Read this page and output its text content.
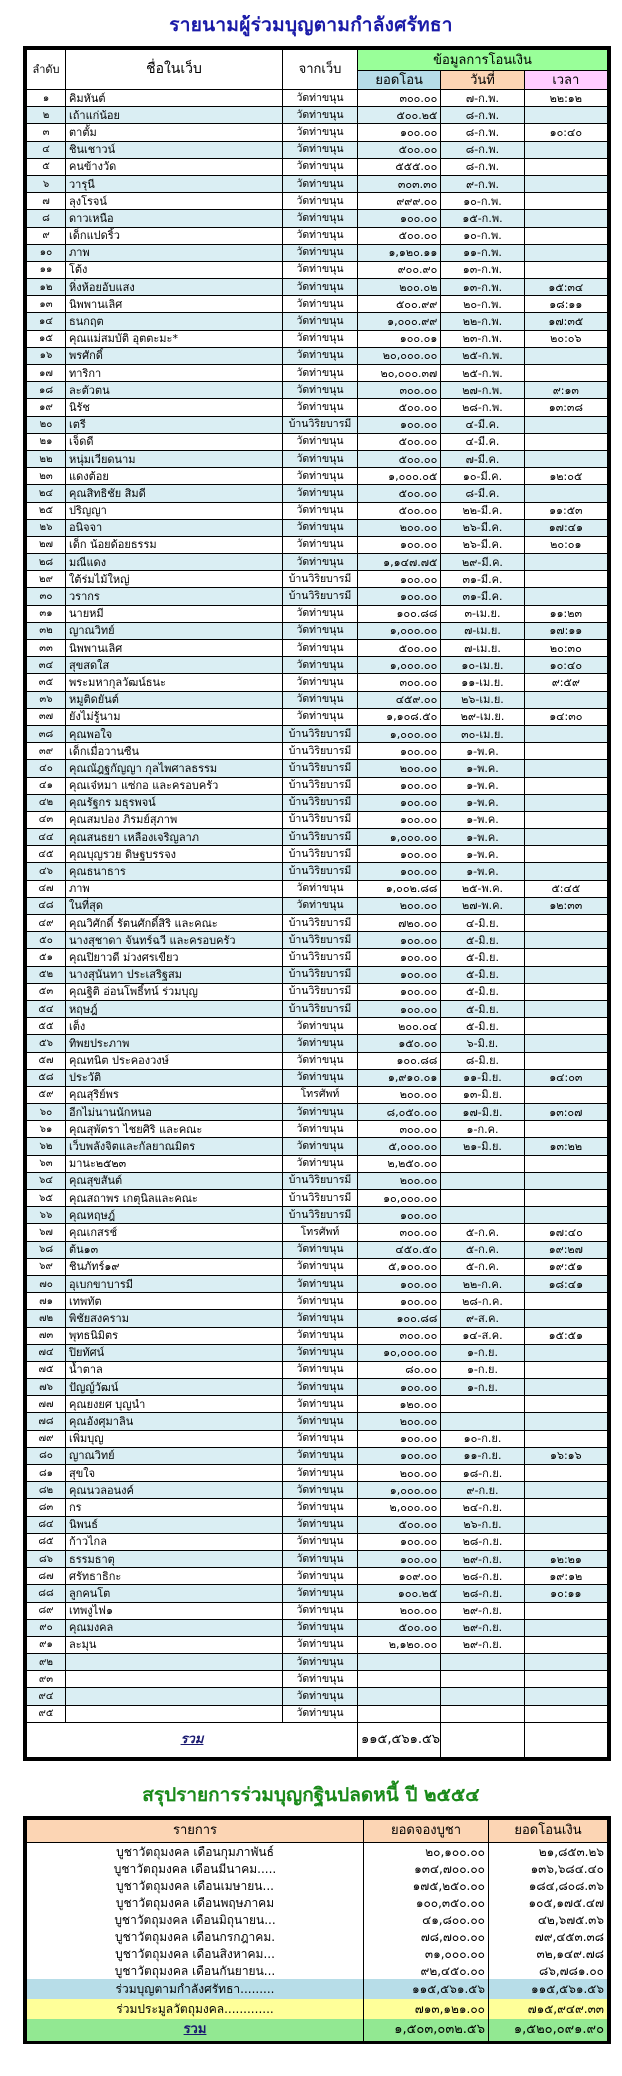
รายนามผู้ร่วมบุญตามกำลังศรัทธา
ลำดับ	ชื่อในเว็บ	จากเว็บ	ข้อมูลการโอนเงิน		
			ยอดโอน	วันที่	เวลา
๑	คิมหันต์	วัดท่าขนุน	๓๐๐.๐๐	๗-ก.พ.	๒๒:๑๒
๒	เถ้าแก่น้อย	วัดท่าขนุน	๕๐๐.๒๕	๘-ก.พ.	
๓	ตาตั้ม	วัดท่าขนุน	๑๐๐.๐๐	๘-ก.พ.	๑๐:๔๐
๔	ชินเชาวน์	วัดท่าขนุน	๕๐๐.๐๐	๘-ก.พ.	
๕	คนข้างวัด	วัดท่าขนุน	๕๕๕.๐๐	๘-ก.พ.	
๖	วารุนี	วัดท่าขนุน	๓๐๓.๓๐	๙-ก.พ.	
๗	ลุงโรจน์	วัดท่าขนุน	๙๙๙.๐๐	๑๐-ก.พ.	
๘	ดาวเหนือ	วัดท่าขนุน	๑๐๐.๐๐	๑๕-ก.พ.	
๙	เด็กแปดริ้ว	วัดท่าขนุน	๕๐๐.๐๐	๑๐-ก.พ.	
๑๐	ภาพ	วัดท่าขนุน	๑,๑๒๐.๑๑	๑๑-ก.พ.	
๑๑	โต้ง	วัดท่าขนุน	๙๐๐.๙๐	๑๓-ก.พ.	
๑๒	หิ่งห้อยอับแสง	วัดท่าขนุน	๒๐๐.๐๒	๑๓-ก.พ.	๑๕:๓๔
๑๓	นิพพานเลิศ	วัดท่าขนุน	๕๐๐.๙๙	๒๐-ก.พ.	๑๘:๑๑
๑๔	ธนกฤต	วัดท่าขนุน	๑,๐๐๐.๙๙	๒๒-ก.พ.	๑๗:๓๕
๑๕	คุณแม่สมบัติ อุตตะมะ*	วัดท่าขนุน	๑๐๐.๐๑	๒๓-ก.พ.	๒๐:๐๖
๑๖	พรศักดิ์	วัดท่าขนุน	๒๐,๐๐๐.๐๐	๒๕-ก.พ.	
๑๗	ทาริกา	วัดท่าขนุน	๒๐,๐๐๐.๓๗	๒๕-ก.พ.	
๑๘	ละตัวตน	วัดท่าขนุน	๓๐๐.๐๐	๒๗-ก.พ.	๙:๑๓
๑๙	นิรัช	วัดท่าขนุน	๕๐๐.๐๐	๒๘-ก.พ.	๑๓:๓๘
๒๐	เตรี	บ้านวิริยบารมี	๑๐๐.๐๐	๔-มี.ค.	
๒๑	เจ็ดดี	วัดท่าขนุน	๕๐๐.๐๐	๔-มี.ค.	
๒๒	หนุ่มเวียดนาม	วัดท่าขนุน	๕๐๐.๐๐	๗-มี.ค.	
๒๓	แดงต้อย	วัดท่าขนุน	๑,๐๐๐.๐๕	๑๐-มี.ค.	๑๒:๐๕
๒๔	คุณสิทธิชัย สิมดี	วัดท่าขนุน	๕๐๐.๐๐	๘-มี.ค.	
๒๕	ปริญญา	วัดท่าขนุน	๕๐๐.๐๐	๒๒-มี.ค.	๑๑:๕๓
๒๖	อนิจจา	วัดท่าขนุน	๒๐๐.๐๐	๒๖-มี.ค.	๑๗:๔๑
๒๗	เด็ก น้อยด้อยธรรม	วัดท่าขนุน	๑๐๐.๐๐	๒๖-มี.ค.	๒๐:๐๑
๒๘	มณีแดง	วัดท่าขนุน	๑,๑๔๗.๗๕	๒๙-มี.ค.	
๒๙	ใต้ร่มไม้ใหญ่	บ้านวิริยบารมี	๑๐๐.๐๐	๓๑-มี.ค.	
๓๐	วรากร	บ้านวิริยบารมี	๑๐๐.๐๐	๓๑-มี.ค.	
๓๑	นายหมี	วัดท่าขนุน	๑๐๐.๘๘	๓-เม.ย.	๑๑:๒๓
๓๒	ญาณวิทย์	วัดท่าขนุน	๑,๐๐๐.๐๐	๗-เม.ย.	๑๗:๑๑
๓๓	นิพพานเลิศ	วัดท่าขนุน	๕๐๐.๐๐	๗-เม.ย.	๒๐:๓๐
๓๔	สุขสดใส	วัดท่าขนุน	๑,๐๐๐.๐๐	๑๐-เม.ย.	๑๐:๔๐
๓๕	พระมหากุลวัฒน์ธนะ	วัดท่าขนุน	๓๐๐.๐๐	๑๑-เม.ย.	๙:๕๙
๓๖	หมูติดยันต์	วัดท่าขนุน	๔๕๙.๐๐	๒๖-เม.ย.	
๓๗	ยังไม่รู้นาม	วัดท่าขนุน	๑,๑๐๘.๕๐	๒๙-เม.ย.	๑๔:๓๐
๓๘	คุณพอใจ	บ้านวิริยบารมี	๑,๐๐๐.๐๐	๓๐-เม.ย.	
๓๙	เด็กเมื่อวานซืน	บ้านวิริยบารมี	๑๐๐.๐๐	๑-พ.ค.	
๔๐	คุณณัฎฐกัญญา กุลไพศาลธรรม	บ้านวิริยบารมี	๒๐๐.๐๐	๑-พ.ค.	
๔๑	คุณเจ๋หมา แซ่กอ และครอบครัว	บ้านวิริยบารมี	๑๐๐.๐๐	๑-พ.ค.	
๔๒	คุณรัฐกร มธุรพจน์	บ้านวิริยบารมี	๑๐๐.๐๐	๑-พ.ค.	
๔๓	คุณสมปอง ภิรมย์สุภาพ	บ้านวิริยบารมี	๑๐๐.๐๐	๑-พ.ค.	
๔๔	คุณสนธยา เหลืองเจริญลาภ	บ้านวิริยบารมี	๑,๐๐๐.๐๐	๑-พ.ค.	
๔๕	คุณบุญรวย ดิษฐบรรจง	บ้านวิริยบารมี	๑๐๐.๐๐	๑-พ.ค.	
๔๖	คุณธนาธาร	บ้านวิริยบารมี	๑๐๐.๐๐	๑-พ.ค.	
๔๗	ภาพ	วัดท่าขนุน	๑,๐๐๒.๘๘	๒๕-พ.ค.	๕:๔๕
๔๘	ในที่สุด	วัดท่าขนุน	๒๐๐.๐๐	๒๗-พ.ค.	๑๒:๓๓
๔๙	คุณวิศักดิ์ รัตนศักดิ์สิริ และคณะ	บ้านวิริยบารมี	๗๒๐.๐๐	๔-มิ.ย.	
๕๐	นางสุชาดา จันทร์ฉวี และครอบครัว	บ้านวิริยบารมี	๑๐๐.๐๐	๕-มิ.ย.	
๕๑	คุณปิยาวดี ม่วงศรเขียว	บ้านวิริยบารมี	๑๐๐.๐๐	๕-มิ.ย.	
๕๒	นางสุนันทา ประเสริฐสม	บ้านวิริยบารมี	๑๐๐.๐๐	๕-มิ.ย.	
๕๓	คุณฐิติ อ่อนโพธิ์ทน์ ร่วมบุญ	บ้านวิริยบารมี	๑๐๐.๐๐	๕-มิ.ย.	
๕๔	หฤษฎ์	บ้านวิริยบารมี	๑๐๐.๐๐	๕-มิ.ย.	
๕๕	เต็ง	วัดท่าขนุน	๒๐๐.๐๔	๕-มิ.ย.	
๕๖	ทิพยประภาพ	วัดท่าขนุน	๑๕๐.๐๐	๖-มิ.ย.	
๕๗	คุณทนิต ประคองวงษ์	วัดท่าขนุน	๑๐๐.๘๘	๘-มิ.ย.	
๕๘	ประวัติ	วัดท่าขนุน	๑,๙๑๐.๐๑	๑๑-มิ.ย.	๑๔:๐๓
๕๙	คุณสุริย์พร	โทรศัพท์	๒๐๐.๐๐	๑๓-มิ.ย.	
๖๐	อีกไม่นานนักหนอ	วัดท่าขนุน	๘,๐๕๐.๐๐	๑๗-มิ.ย.	๑๓:๐๗
๖๑	คุณสุพัตรา ไชยศิริ และคณะ	วัดท่าขนุน	๓๐๐.๐๐	๑-ก.ค.	
๖๒	เว็บพลังจิตและกัลยาณมิตร	วัดท่าขนุน	๕,๐๐๐.๐๐	๒๑-มิ.ย.	๑๓:๒๒
๖๓	มานะ๒๕๒๓	วัดท่าขนุน	๒,๒๕๐.๐๐		
๖๔	คุณสุขสันต์	บ้านวิริยบารมี	๒๐๐.๐๐		
๖๕	คุณสถาพร เกตุนิลและคณะ	บ้านวิริยบารมี	๑๐,๐๐๐.๐๐		
๖๖	คุณหฤษฎ์	บ้านวิริยบารมี	๑๐๐.๐๐		
๖๗	คุณเกสรช์	โทรศัพท์	๓๐๐.๐๐	๕-ก.ค.	๑๗:๔๐
๖๘	ต้น๑๓	วัดท่าขนุน	๔๕๐.๕๐	๕-ก.ค.	๑๙:๒๗
๖๙	ชินภัทร์๑๙	วัดท่าขนุน	๕,๑๐๐.๐๐	๕-ก.ค.	๑๙:๕๑
๗๐	อุเบกขาบารมี	วัดท่าขนุน	๑๐๐.๐๐	๒๒-ก.ค.	๑๘:๔๑
๗๑	เทพทัต	วัดท่าขนุน	๑๐๐.๐๐	๒๘-ก.ค.	
๗๒	พิชัยสงคราม	วัดท่าขนุน	๑๐๐.๘๘	๙-ส.ค.	
๗๓	พุทธนิมิตร	วัดท่าขนุน	๓๐๐.๐๐	๑๔-ส.ค.	๑๕:๕๑
๗๔	ปิยทัศน์	วัดท่าขนุน	๑๐,๐๐๐.๐๐	๑-ก.ย.	
๗๕	น้ำตาล	วัดท่าขนุน	๘๐.๐๐	๑-ก.ย.	
๗๖	ปัญญ์วัฒน์	วัดท่าขนุน	๑๐๐.๐๐	๑-ก.ย.	
๗๗	คุณยงยศ บุญนำ	วัดท่าขนุน	๑๒๐.๐๐		
๗๘	คุณอังศุมาลิน	วัดท่าขนุน	๒๐๐.๐๐		
๗๙	เพิ่มบุญ	วัดท่าขนุน	๑๐๐.๐๐	๑๐-ก.ย.	
๘๐	ญาณวิทย์	วัดท่าขนุน	๑๐๐.๐๐	๑๑-ก.ย.	๑๖:๑๖
๘๑	สุขใจ	วัดท่าขนุน	๒๐๐.๐๐	๑๘-ก.ย.	
๘๒	คุณนวลอนงค์	วัดท่าขนุน	๑,๐๐๐.๐๐	๙-ก.ย.	
๘๓	กร	วัดท่าขนุน	๒,๐๐๐.๐๐	๒๔-ก.ย.	
๘๔	นิพนธ์	วัดท่าขนุน	๕๐๐.๐๐	๒๖-ก.ย.	
๘๕	ก้าวไกล	วัดท่าขนุน	๑๐๐.๐๐	๒๘-ก.ย.	
๘๖	ธรรมธาตุ	วัดท่าขนุน	๑๐๐.๐๐	๒๙-ก.ย.	๑๒:๒๑
๘๗	ศรัทธาธิกะ	วัดท่าขนุน	๑๐๙.๐๐	๒๘-ก.ย.	๑๙:๑๒
๘๘	ลูกคนโต	วัดท่าขนุน	๑๐๐.๒๕	๒๘-ก.ย.	๑๐:๑๑
๘๙	เทพงูไฟ๑	วัดท่าขนุน	๒๐๐.๐๐	๒๙-ก.ย.	
๙๐	คุณมงคล	วัดท่าขนุน	๕๐๐.๐๐	๒๙-ก.ย.	
๙๑	ละมุน	วัดท่าขนุน	๒,๑๒๐.๐๐	๒๙-ก.ย.	
๙๒		วัดท่าขนุน			
๙๓		วัดท่าขนุน			
๙๔		วัดท่าขนุน			
๙๕		วัดท่าขนุน			
รวม			๑๑๕,๕๖๑.๕๖		
สรุปรายการร่วมบุญกฐินปลดหนี้ ปี ๒๕๕๔
รายการ	ยอดจองบูชา	ยอดโอนเงิน
บูชาวัตถุมงคล เดือนกุมภาพันธ์	๒๐,๑๐๐.๐๐	๒๑,๘๕๓.๒๖
บูชาวัตถุมงคล เดือนมีนาคม.....	๑๓๔,๗๐๐.๐๐	๑๓๖,๖๘๔.๔๐
บูชาวัตถุมงคล เดือนเมษายน...	๑๗๕,๒๕๐.๐๐	๑๘๔,๘๐๘.๓๖
บูชาวัตถุมงคล เดือนพฤษภาคม	๑๐๐,๓๕๐.๐๐	๑๐๕,๑๗๕.๔๗
บูชาวัตถุมงคล เดือนมิถุนายน...	๔๑,๘๐๐.๐๐	๔๒,๖๗๕.๓๖
บูชาวัตถุมงคล เดือนกรกฎาคม.	๗๘,๗๐๐.๐๐	๗๙,๔๕๓.๓๘
บูชาวัตถุมงคล เดือนสิงหาคม...	๓๑,๐๐๐.๐๐	๓๒,๑๔๙.๗๘
บูชาวัตถุมงคล เดือนกันยายน...	๙๒,๔๕๐.๐๐	๘๖,๗๘๑.๐๐
ร่วมบุญตามกำลังศรัทธา.........	๑๑๕,๕๖๑.๕๖	๑๑๕,๕๖๑.๕๖
ร่วมประมูลวัตถุมงคล.............	๗๑๓,๑๒๑.๐๐	๗๑๕,๙๔๙.๓๓
รวม	๑,๕๐๓,๐๓๒.๕๖	๑,๕๒๐,๐๙๑.๙๐
